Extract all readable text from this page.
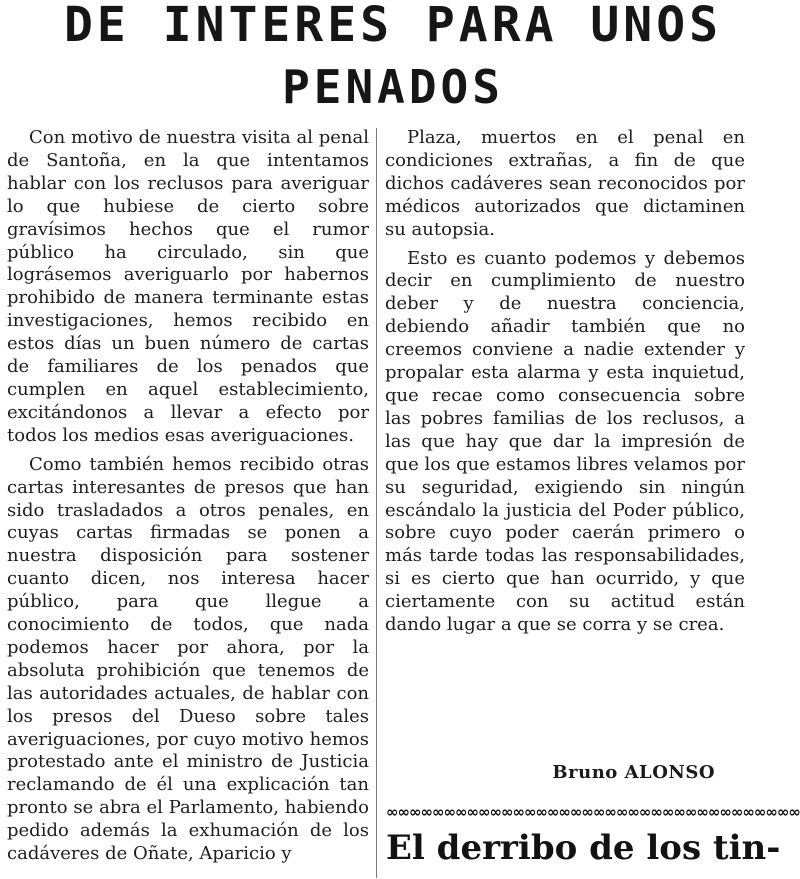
DE INTERES PARA UNOS
PENADOS

Con motivo de nuestra visita al penal de Santoña, en la que intentamos hablar con los reclusos para averiguar lo que hubiese de cierto sobre gravísimos hechos que el rumor público ha circulado, sin que lográsemos averiguarlo por habernos prohibido de manera terminante estas investigaciones, hemos recibido en estos días un buen número de cartas de familiares de los penados que cumplen en aquel establecimiento, excitándonos a llevar a efecto por todos los medios esas averiguaciones.

Como también hemos recibido otras cartas interesantes de presos que han sido trasladados a otros penales, en cuyas cartas firmadas se ponen a nuestra disposición para sostener cuanto dicen, nos interesa hacer público, para que llegue a conocimiento de todos, que nada podemos hacer por ahora, por la absoluta prohibición que tenemos de las autoridades actuales, de hablar con los presos del Dueso sobre tales averiguaciones, por cuyo motivo hemos protestado ante el ministro de Justicia reclamando de él una explicación tan pronto se abra el Parlamento, habiendo pedido además la exhumación de los cadáveres de Oñate, Aparicio y

Plaza, muertos en el penal en condiciones extrañas, a fin de que dichos cadáveres sean reconocidos por médicos autorizados que dictaminen su autopsia.

Esto es cuanto podemos y debemos decir en cumplimiento de nuestro deber y de nuestra conciencia, debiendo añadir también que no creemos conviene a nadie extender y propalar esta alarma y esta inquietud, que recae como consecuencia sobre las pobres familias de los reclusos, a las que hay que dar la impresión de que los que estamos libres velamos por su seguridad, exigiendo sin ningún escándalo la justicia del Poder público, sobre cuyo poder caerán primero o más tarde todas las responsabilidades, si es cierto que han ocurrido, y que ciertamente con su actitud están dando lugar a que se corra y se crea.

Bruno ALONSO
∞∞∞∞∞∞∞∞∞∞∞∞∞∞∞∞∞∞∞∞∞∞∞∞∞∞∞∞∞∞∞∞∞∞∞∞
El derribo de los tin-
